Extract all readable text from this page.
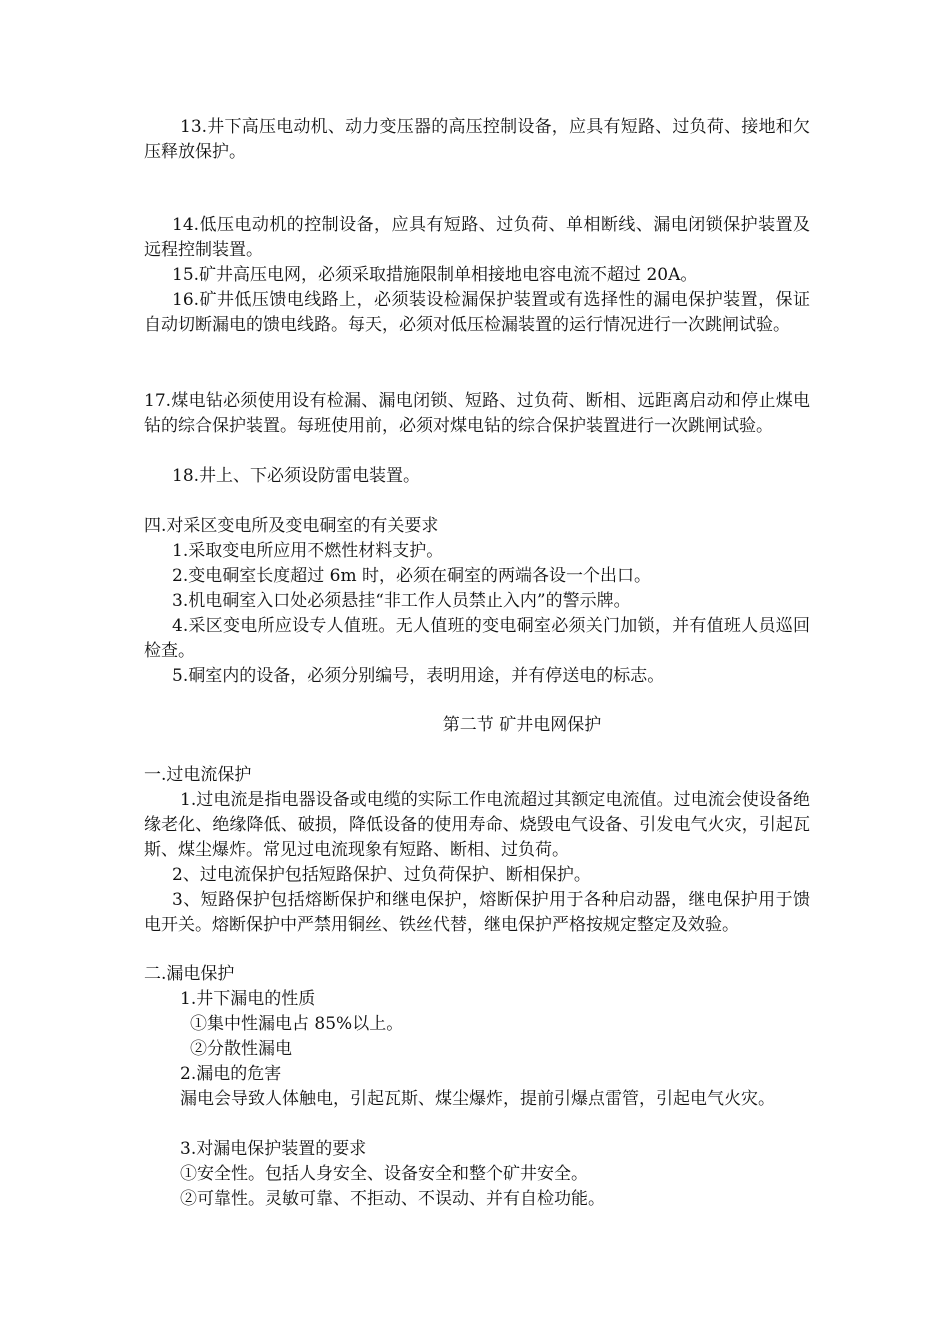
13.井下高压电动机、动力变压器的高压控制设备，应具有短路、过负荷、接地和欠压释放保护。

14.低压电动机的控制设备，应具有短路、过负荷、单相断线、漏电闭锁保护装置及远程控制装置。

15.矿井高压电网，必须采取措施限制单相接地电容电流不超过 20A。

16.矿井低压馈电线路上，必须装设检漏保护装置或有选择性的漏电保护装置，保证自动切断漏电的馈电线路。每天，必须对低压检漏装置的运行情况进行一次跳闸试验。

17.煤电钻必须使用设有检漏、漏电闭锁、短路、过负荷、断相、远距离启动和停止煤电钻的综合保护装置。每班使用前，必须对煤电钻的综合保护装置进行一次跳闸试验。

18.井上、下必须设防雷电装置。

四.对采区变电所及变电硐室的有关要求

1.采取变电所应用不燃性材料支护。

2.变电硐室长度超过 6m 时，必须在硐室的两端各设一个出口。

3.机电硐室入口处必须悬挂“非工作人员禁止入内”的警示牌。

4.采区变电所应设专人值班。无人值班的变电硐室必须关门加锁，并有值班人员巡回检查。

5.硐室内的设备，必须分别编号，表明用途，并有停送电的标志。

第二节 矿井电网保护

一.过电流保护

1.过电流是指电器设备或电缆的实际工作电流超过其额定电流值。过电流会使设备绝缘老化、绝缘降低、破损，降低设备的使用寿命、烧毁电气设备、引发电气火灾，引起瓦斯、煤尘爆炸。常见过电流现象有短路、断相、过负荷。

2、过电流保护包括短路保护、过负荷保护、断相保护。

3、短路保护包括熔断保护和继电保护，熔断保护用于各种启动器，继电保护用于馈电开关。熔断保护中严禁用铜丝、铁丝代替，继电保护严格按规定整定及效验。

二.漏电保护

1.井下漏电的性质

①集中性漏电占 85%以上。

②分散性漏电

2.漏电的危害

漏电会导致人体触电，引起瓦斯、煤尘爆炸，提前引爆点雷管，引起电气火灾。

3.对漏电保护装置的要求

①安全性。包括人身安全、设备安全和整个矿井安全。

②可靠性。灵敏可靠、不拒动、不误动、并有自检功能。
